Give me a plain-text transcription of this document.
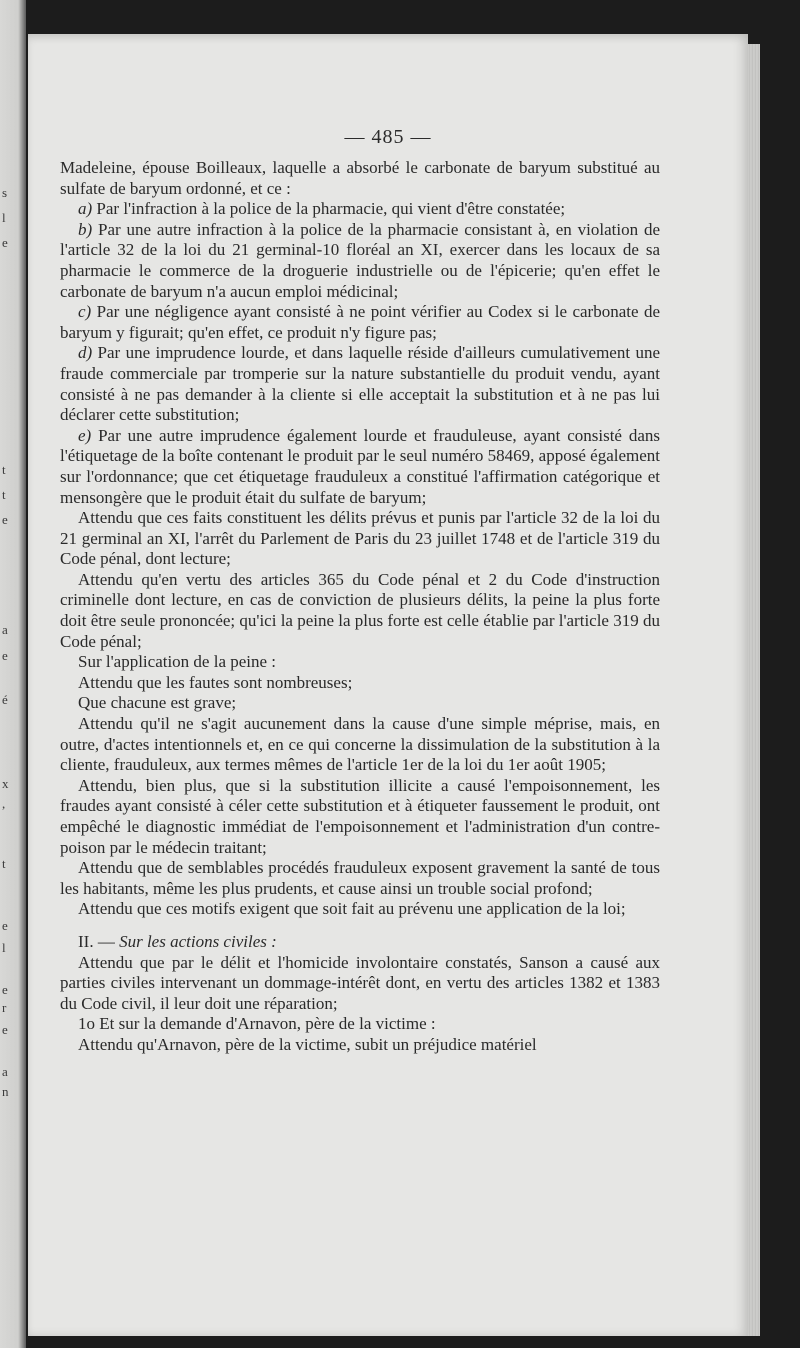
s
l
e
t
t
e
a
e
é
x
,
t
e
l
e
r
e
a
n
— 485 —

Madeleine, épouse Boilleaux, laquelle a absorbé le carbonate de baryum substitué au sulfate de baryum ordonné, et ce :

a) Par l'infraction à la police de la pharmacie, qui vient d'être constatée;

b) Par une autre infraction à la police de la pharmacie consistant à, en violation de l'article 32 de la loi du 21 germinal-10 floréal an XI, exercer dans les locaux de sa pharmacie le commerce de la droguerie industrielle ou de l'épicerie; qu'en effet le carbonate de baryum n'a aucun emploi médicinal;

c) Par une négligence ayant consisté à ne point vérifier au Codex si le carbonate de baryum y figurait; qu'en effet, ce produit n'y figure pas;

d) Par une imprudence lourde, et dans laquelle réside d'ailleurs cumulativement une fraude commerciale par tromperie sur la nature substantielle du produit vendu, ayant consisté à ne pas demander à la cliente si elle acceptait la substitution et à ne pas lui déclarer cette substitution;

e) Par une autre imprudence également lourde et frauduleuse, ayant consisté dans l'étiquetage de la boîte contenant le produit par le seul numéro 58469, apposé également sur l'ordonnance; que cet étiquetage frauduleux a constitué l'affirmation catégorique et mensongère que le produit était du sulfate de baryum;

Attendu que ces faits constituent les délits prévus et punis par l'article 32 de la loi du 21 germinal an XI, l'arrêt du Parlement de Paris du 23 juillet 1748 et de l'article 319 du Code pénal, dont lecture;

Attendu qu'en vertu des articles 365 du Code pénal et 2 du Code d'instruction criminelle dont lecture, en cas de conviction de plusieurs délits, la peine la plus forte doit être seule prononcée; qu'ici la peine la plus forte est celle établie par l'article 319 du Code pénal;

Sur l'application de la peine :

Attendu que les fautes sont nombreuses;

Que chacune est grave;

Attendu qu'il ne s'agit aucunement dans la cause d'une simple méprise, mais, en outre, d'actes intentionnels et, en ce qui concerne la dissimulation de la substitution à la cliente, frauduleux, aux termes mêmes de l'article 1er de la loi du 1er août 1905;

Attendu, bien plus, que si la substitution illicite a causé l'empoisonnement, les fraudes ayant consisté à céler cette substitution et à étiqueter faussement le produit, ont empêché le diagnostic immédiat de l'empoisonnement et l'administration d'un contre-poison par le médecin traitant;

Attendu que de semblables procédés frauduleux exposent gravement la santé de tous les habitants, même les plus prudents, et cause ainsi un trouble social profond;

Attendu que ces motifs exigent que soit fait au prévenu une application de la loi;

II. — Sur les actions civiles :

Attendu que par le délit et l'homicide involontaire constatés, Sanson a causé aux parties civiles intervenant un dommage-intérêt dont, en vertu des articles 1382 et 1383 du Code civil, il leur doit une réparation;

1o Et sur la demande d'Arnavon, père de la victime :

Attendu qu'Arnavon, père de la victime, subit un préjudice matériel
